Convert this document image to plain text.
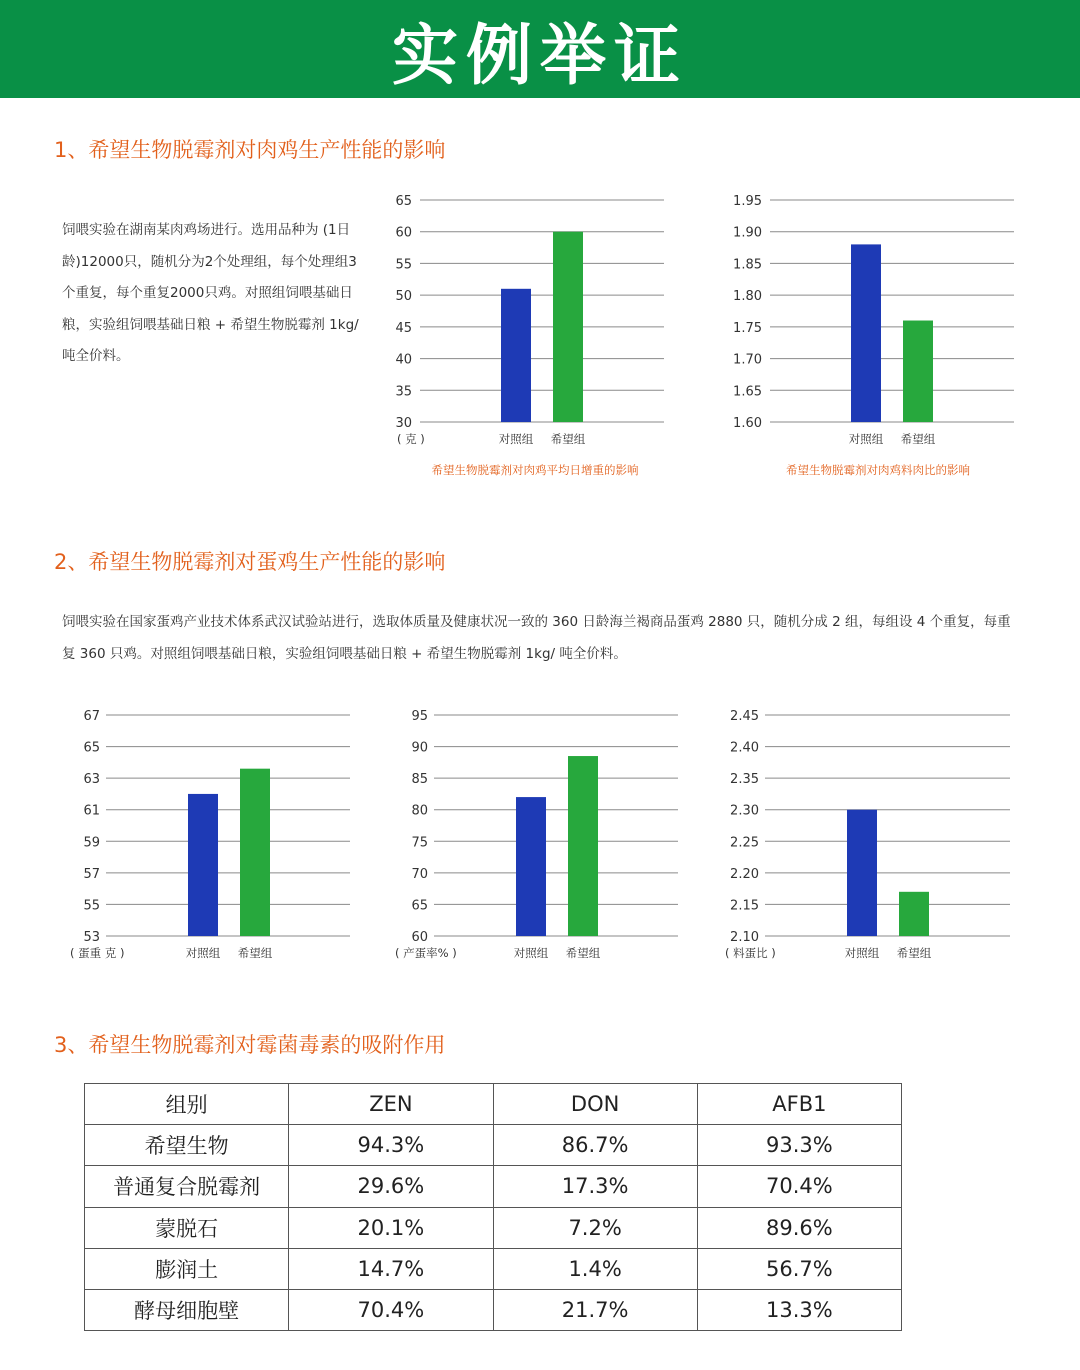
实例举证
1、希望生物脱霉剂对肉鸡生产性能的影响
饲喂实验在湖南某肉鸡场进行。选用品种为 (1日龄)12000只，随机分为2个处理组，每个处理组3个重复，每个重复2000只鸡。对照组饲喂基础日粮，实验组饲喂基础日粮 + 希望生物脱霉剂 1kg/吨全价料。
2、希望生物脱霉剂对蛋鸡生产性能的影响
饲喂实验在国家蛋鸡产业技术体系武汉试验站进行，选取体质量及健康状况一致的 360 日龄海兰褐商品蛋鸡 2880 只，随机分成 2 组，每组设 4 个重复，每重复 360 只鸡。对照组饲喂基础日粮，实验组饲喂基础日粮 + 希望生物脱霉剂 1kg/ 吨全价料。
30
35
40
45
50
55
60
65
对照组 希望组
( 克 )
希望生物脱霉剂对肉鸡平均日增重的影响
1.60
1.65
1.70
1.75
1.80
1.85
1.90
1.95
对照组 希望组
希望生物脱霉剂对肉鸡料肉比的影响
53
55
57
59
61
63
65
67
对照组 希望组
( 蛋重 克 )
60
65
70
75
80
85
90
95
对照组 希望组
( 产蛋率% )
2.10
2.15
2.20
2.25
2.30
2.35
2.40
2.45
对照组 希望组
( 料蛋比 )
3、希望生物脱霉剂对霉菌毒素的吸附作用
组别	ZEN	DON	AFB1
希望生物	94.3%	86.7%	93.3%
普通复合脱霉剂	29.6%	17.3%	70.4%
蒙脱石	20.1%	7.2%	89.6%
膨润土	14.7%	1.4%	56.7%
酵母细胞壁	70.4%	21.7%	13.3%
